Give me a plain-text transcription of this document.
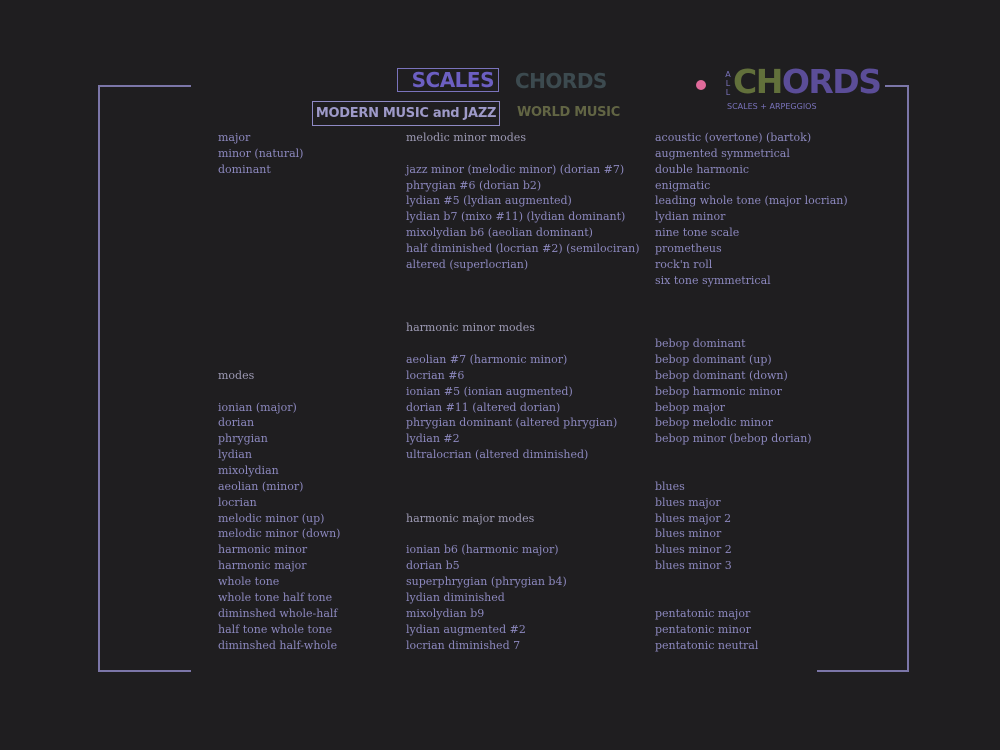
SCALES CHORDS
MODERN MUSIC and JAZZ	WORLD MUSIC
A
L
L CHORDS
SCALES + ARPEGGIOS
major
minor (natural)
dominant
modes
ionian (major)
dorian
phrygian
lydian
mixolydian
aeolian (minor)
locrian
melodic minor (up)
melodic minor (down)
harmonic minor
harmonic major
whole tone
whole tone half tone
diminshed whole-half
half tone whole tone
diminshed half-whole
melodic minor modes
jazz minor (melodic minor) (dorian #7)
phrygian #6 (dorian b2)
lydian #5 (lydian augmented)
lydian b7 (mixo #11) (lydian dominant)
mixolydian b6 (aeolian dominant)
half diminished (locrian #2) (semilociran)
altered (superlocrian)
harmonic minor modes
aeolian #7 (harmonic minor)
locrian #6
ionian #5 (ionian augmented)
dorian #11 (altered dorian)
phrygian dominant (altered phrygian)
lydian #2
ultralocrian (altered diminished)
harmonic major modes
ionian b6 (harmonic major)
dorian b5
superphrygian (phrygian b4)
lydian diminished
mixolydian b9
lydian augmented #2
locrian diminished 7
acoustic (overtone) (bartok)
augmented symmetrical
double harmonic
enigmatic
leading whole tone (major locrian)
lydian minor
nine tone scale
prometheus
rock'n roll
six tone symmetrical
bebop dominant
bebop dominant (up)
bebop dominant (down)
bebop harmonic minor
bebop major
bebop melodic minor
bebop minor (bebop dorian)
blues
blues major
blues major 2
blues minor
blues minor 2
blues minor 3
pentatonic major
pentatonic minor
pentatonic neutral
